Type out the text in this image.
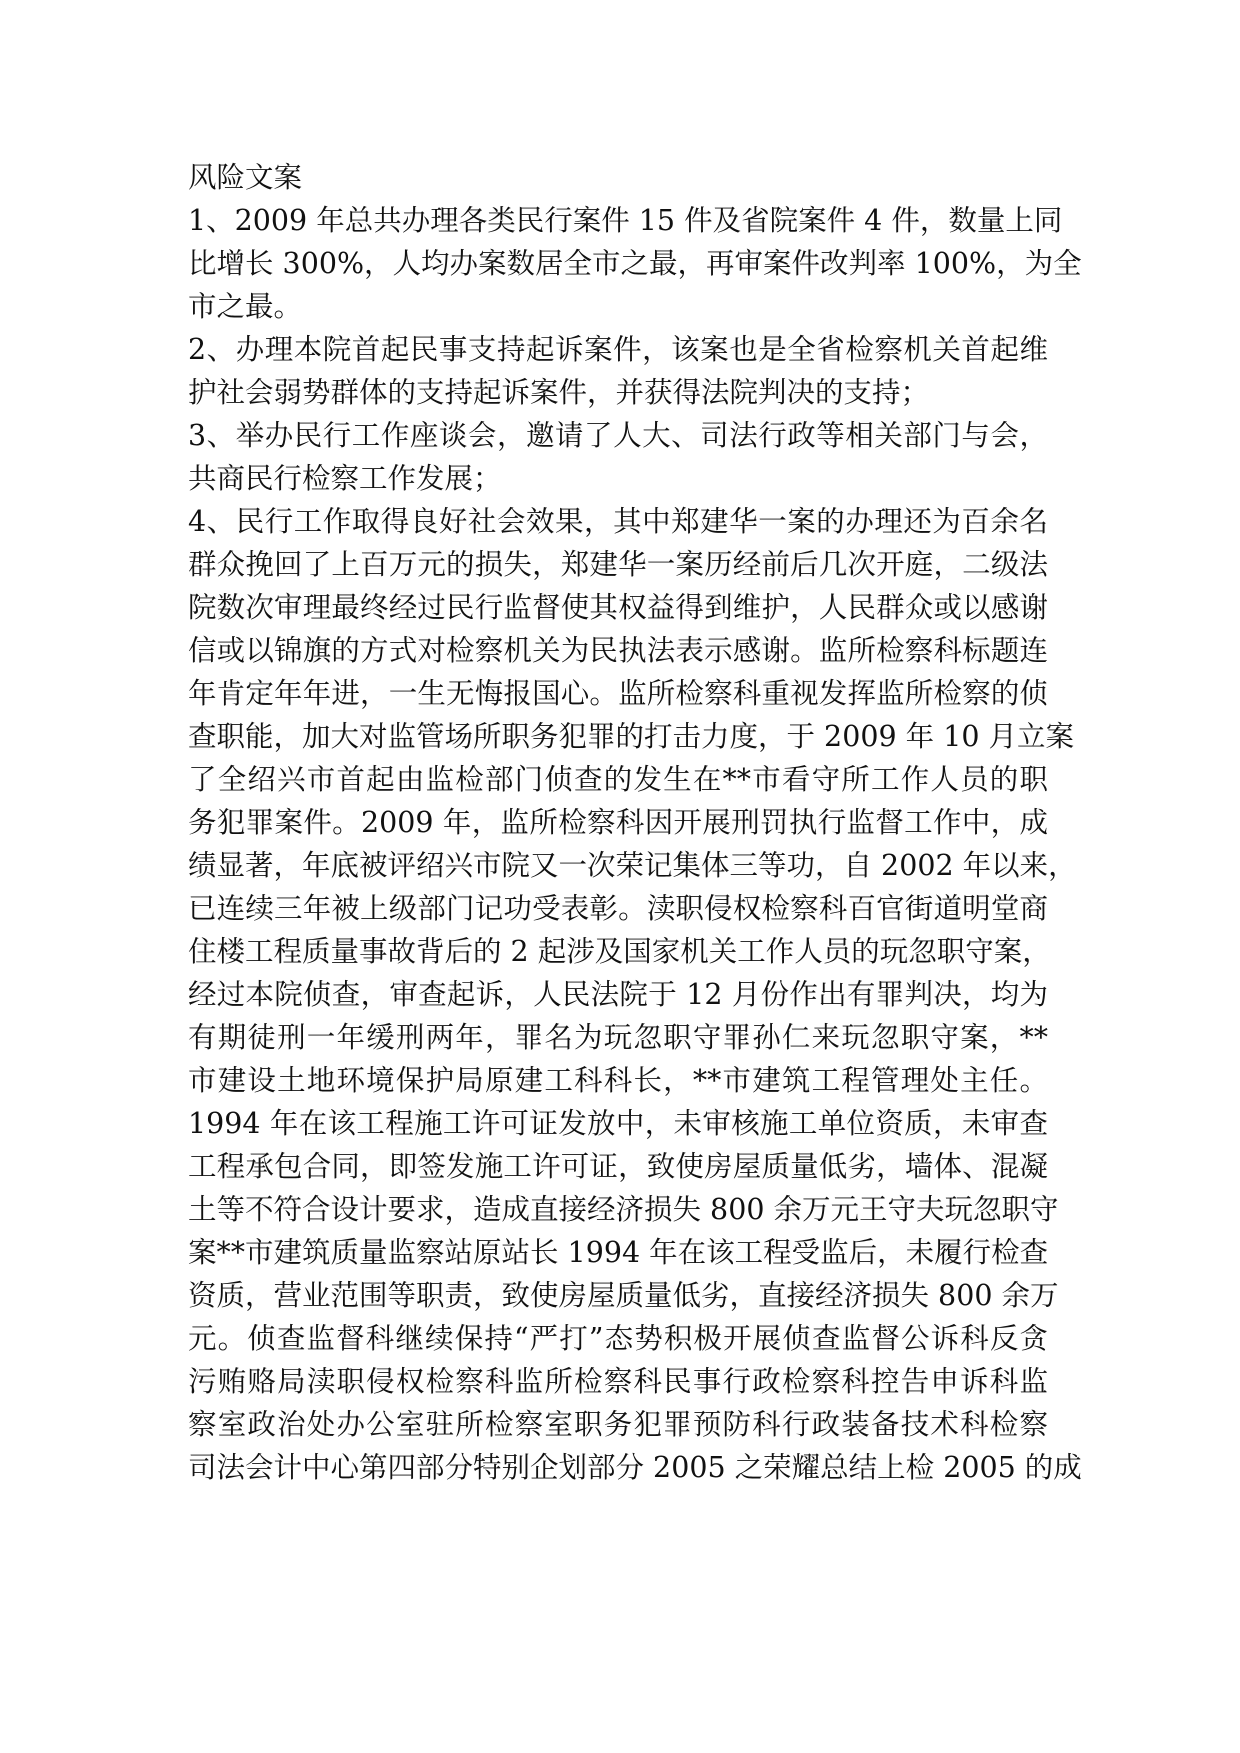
风险文案
1、2009 年总共办理各类民行案件 15 件及省院案件 4 件，数量上同
比增长 300%，人均办案数居全市之最，再审案件改判率 100%，为全
市之最。
2、办理本院首起民事支持起诉案件，该案也是全省检察机关首起维
护社会弱势群体的支持起诉案件，并获得法院判决的支持；
3、举办民行工作座谈会，邀请了人大、司法行政等相关部门与会，
共商民行检察工作发展；
4、民行工作取得良好社会效果，其中郑建华一案的办理还为百余名
群众挽回了上百万元的损失，郑建华一案历经前后几次开庭，二级法
院数次审理最终经过民行监督使其权益得到维护，人民群众或以感谢
信或以锦旗的方式对检察机关为民执法表示感谢。监所检察科标题连
年肯定年年进，一生无悔报国心。监所检察科重视发挥监所检察的侦
查职能，加大对监管场所职务犯罪的打击力度，于 2009 年 10 月立案
了全绍兴市首起由监检部门侦查的发生在**市看守所工作人员的职
务犯罪案件。2009 年，监所检察科因开展刑罚执行监督工作中，成
绩显著，年底被评绍兴市院又一次荣记集体三等功，自 2002 年以来，
已连续三年被上级部门记功受表彰。渎职侵权检察科百官街道明堂商
住楼工程质量事故背后的 2 起涉及国家机关工作人员的玩忽职守案，
经过本院侦查，审查起诉，人民法院于 12 月份作出有罪判决，均为
有期徒刑一年缓刑两年，罪名为玩忽职守罪孙仁来玩忽职守案，**
市建设土地环境保护局原建工科科长，**市建筑工程管理处主任。
1994 年在该工程施工许可证发放中，未审核施工单位资质，未审查
工程承包合同，即签发施工许可证，致使房屋质量低劣，墙体、混凝
土等不符合设计要求，造成直接经济损失 800 余万元王守夫玩忽职守
案**市建筑质量监察站原站长 1994 年在该工程受监后，未履行检查
资质，营业范围等职责，致使房屋质量低劣，直接经济损失 800 余万
元。侦查监督科继续保持“严打”态势积极开展侦查监督公诉科反贪
污贿赂局渎职侵权检察科监所检察科民事行政检察科控告申诉科监
察室政治处办公室驻所检察室职务犯罪预防科行政装备技术科检察
司法会计中心第四部分特别企划部分 2005 之荣耀总结上检 2005 的成
